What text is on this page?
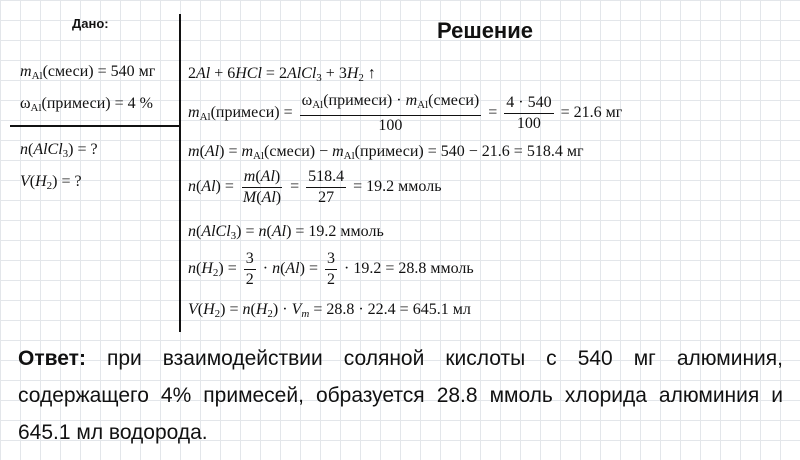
Дано:	Решение
$m_{Al}(смеси) = 540$ мг
$\omega_{Al}(примеси) = 4$ %
n(AlCl$_3$) = ?
$V(H_2)$ = ?
2Al + 6HCl = 2AlCl$_3$ + $3H_2$ ↑
$m_{Al}(примеси) = \frac{\omega_{Al}(примеси) \cdot m_{Al}(смеси)}{100} = \frac{4 \cdot 540}{100} = 21.6$ мг
$m(Al) = m_{Al}(смеси)$ − $m_{Al}(примеси) = 540 - 21.6 = 518.4$ мг
$n(Al) = \frac{m(Al)}{M(Al)} = \frac{518.4}{27} = 19.2$ ммоль
n(AlCl$_3$) = n(Al) = 19.2 ммоль
$n(H_2) = \frac{3}{2} \cdot n(Al) = \frac{3}{2} \cdot 19.2 = 28.8$ ммоль
$V(H_2) = n(H_2) \cdot V_m = 28.8 \cdot 22.4 = 645.1$ мл
Ответ: при взаимодействии соляной кислоты с 540 мг алюминия, содержащего 4% примесей, образуется 28.8 ммоль хлорида алюминия и 645.1 мл водорода.
